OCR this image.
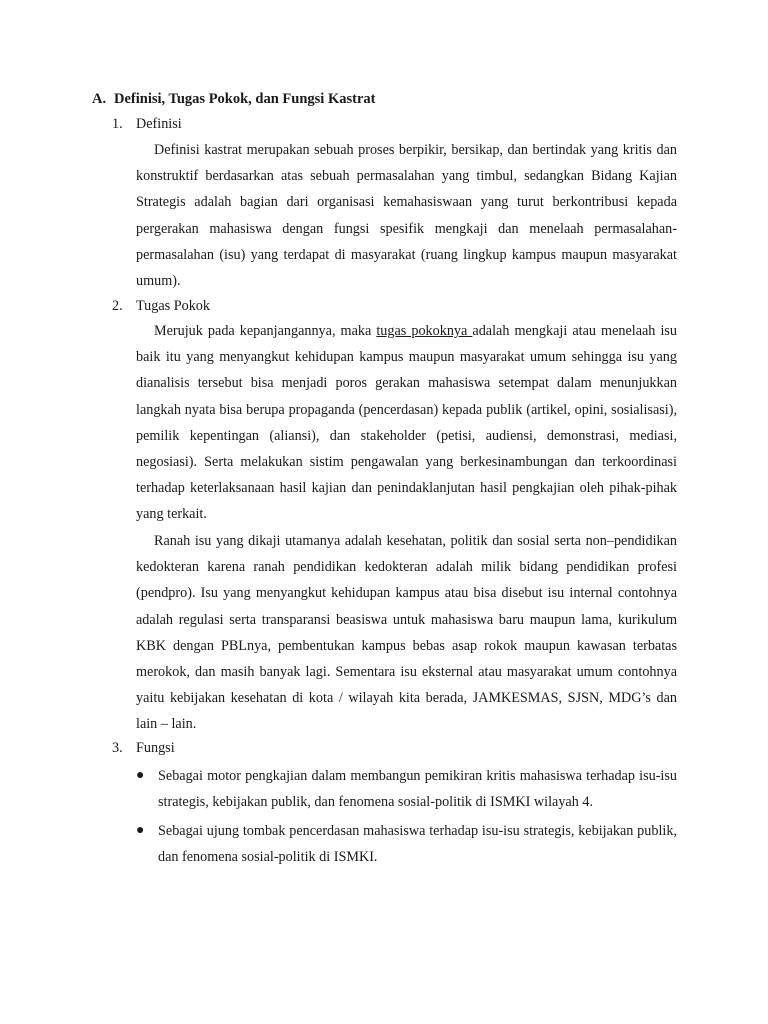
A. Definisi, Tugas Pokok, dan Fungsi Kastrat
1. Definisi

Definisi kastrat merupakan sebuah proses berpikir, bersikap, dan bertindak yang kritis dan konstruktif berdasarkan atas sebuah permasalahan yang timbul, sedangkan Bidang Kajian Strategis adalah bagian dari organisasi kemahasiswaan yang turut berkontribusi kepada pergerakan mahasiswa dengan fungsi spesifik mengkaji dan menelaah permasalahan-permasalahan (isu) yang terdapat di masyarakat (ruang lingkup kampus maupun masyarakat umum).

2. Tugas Pokok

Merujuk pada kepanjangannya, maka tugas pokoknya adalah mengkaji atau menelaah isu baik itu yang menyangkut kehidupan kampus maupun masyarakat umum sehingga isu yang dianalisis tersebut bisa menjadi poros gerakan mahasiswa setempat dalam menunjukkan langkah nyata bisa berupa propaganda (pencerdasan) kepada publik (artikel, opini, sosialisasi), pemilik kepentingan (aliansi), dan stakeholder (petisi, audiensi, demonstrasi, mediasi, negosiasi). Serta melakukan sistim pengawalan yang berkesinambungan dan terkoordinasi terhadap keterlaksanaan hasil kajian dan penindaklanjutan hasil pengkajian oleh pihak-pihak yang terkait.

Ranah isu yang dikaji utamanya adalah kesehatan, politik dan sosial serta non–pendidikan kedokteran karena ranah pendidikan kedokteran adalah milik bidang pendidikan profesi (pendpro). Isu yang menyangkut kehidupan kampus atau bisa disebut isu internal contohnya adalah regulasi serta transparansi beasiswa untuk mahasiswa baru maupun lama, kurikulum KBK dengan PBLnya, pembentukan kampus bebas asap rokok maupun kawasan terbatas merokok, dan masih banyak lagi. Sementara isu eksternal atau masyarakat umum contohnya yaitu kebijakan kesehatan di kota / wilayah kita berada, JAMKESMAS, SJSN, MDG’s dan lain – lain.

3. Fungsi
● Sebagai motor pengkajian dalam membangun pemikiran kritis mahasiswa terhadap isu-isu strategis, kebijakan publik, dan fenomena sosial-politik di ISMKI wilayah 4.

● Sebagai ujung tombak pencerdasan mahasiswa terhadap isu-isu strategis, kebijakan publik, dan fenomena sosial-politik di ISMKI.
